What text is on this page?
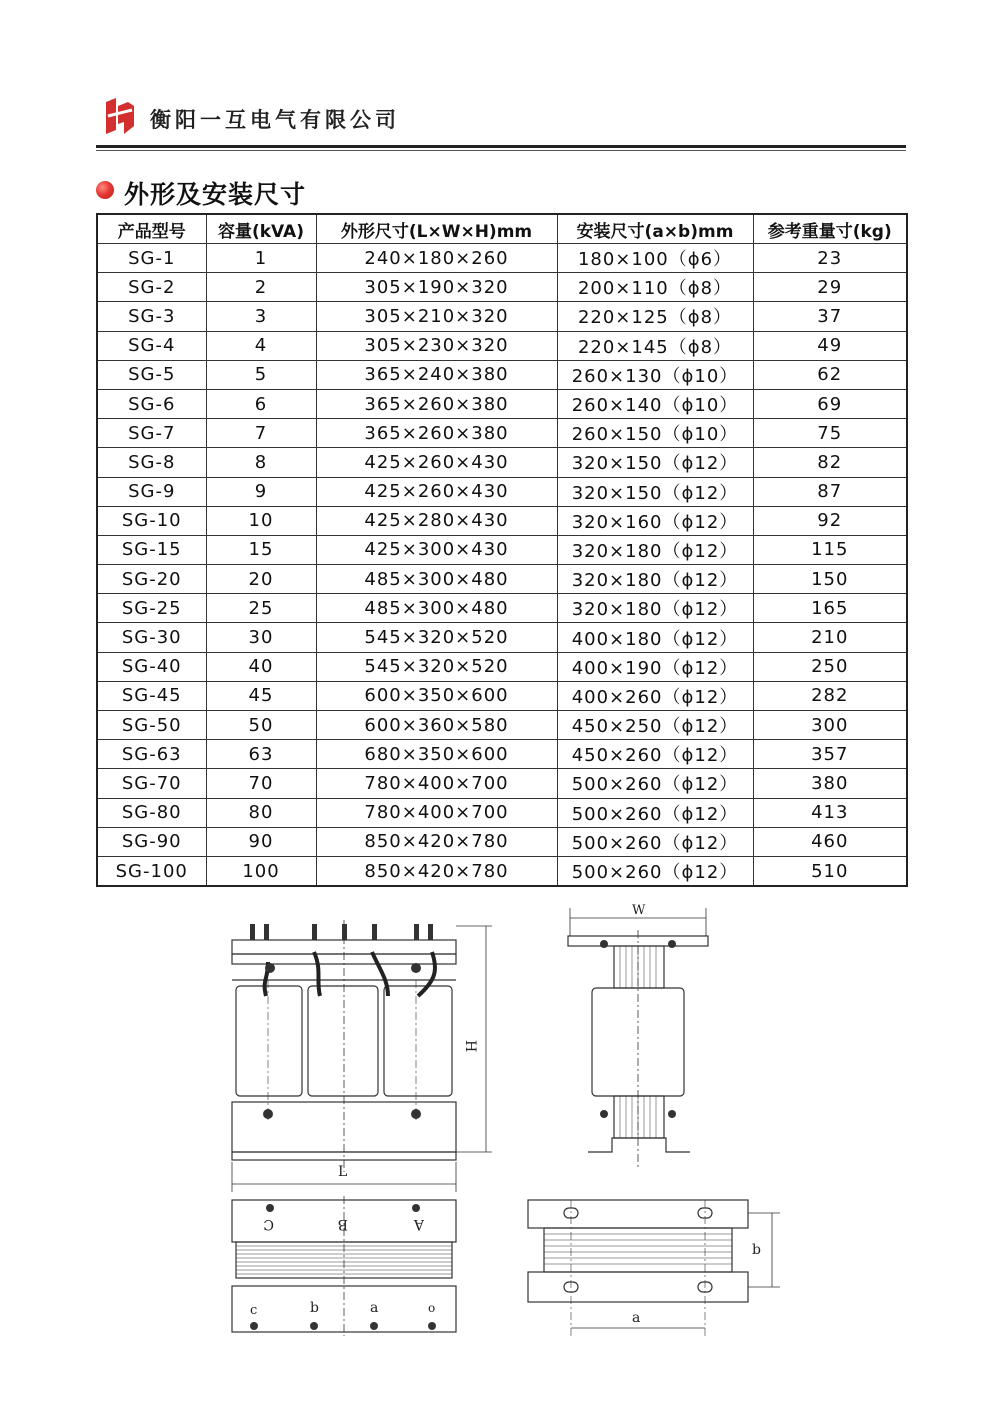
衡阳一互电气有限公司
外形及安装尺寸
产品型号	容量(kVA)	外形尺寸(L×W×H)mm	安装尺寸(a×b)mm	参考重量寸(kg)
SG-1	1	240×180×260	180×100（ϕ6）	23
SG-2	2	305×190×320	200×110（ϕ8）	29
SG-3	3	305×210×320	220×125（ϕ8）	37
SG-4	4	305×230×320	220×145（ϕ8）	49
SG-5	5	365×240×380	260×130（ϕ10）	62
SG-6	6	365×260×380	260×140（ϕ10）	69
SG-7	7	365×260×380	260×150（ϕ10）	75
SG-8	8	425×260×430	320×150（ϕ12）	82
SG-9	9	425×260×430	320×150（ϕ12）	87
SG-10	10	425×280×430	320×160（ϕ12）	92
SG-15	15	425×300×430	320×180（ϕ12）	115
SG-20	20	485×300×480	320×180（ϕ12）	150
SG-25	25	485×300×480	320×180（ϕ12）	165
SG-30	30	545×320×520	400×180（ϕ12）	210
SG-40	40	545×320×520	400×190（ϕ12）	250
SG-45	45	600×350×600	400×260（ϕ12）	282
SG-50	50	600×360×580	450×250（ϕ12）	300
SG-63	63	680×350×600	450×260（ϕ12）	357
SG-70	70	780×400×700	500×260（ϕ12）	380
SG-80	80	780×400×700	500×260（ϕ12）	413
SG-90	90	850×420×780	500×260（ϕ12）	460
SG-100	100	850×420×780	500×260（ϕ12）	510
H
L
C	B	A
c	b	a	o
W
b
a
